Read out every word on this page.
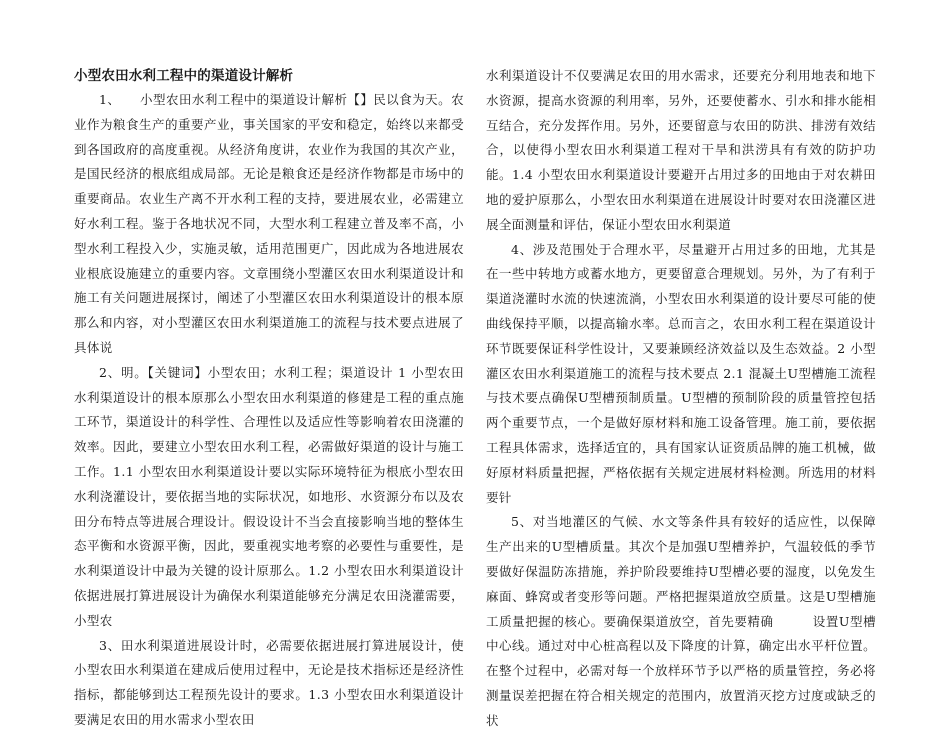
小型农田水利工程中的渠道设计解析

1、　　小型农田水利工程中的渠道设计解析【】民以食为天。农业作为粮食生产的重要产业，事关国家的平安和稳定，始终以来都受到各国政府的高度重视。从经济角度讲，农业作为我国的其次产业，是国民经济的根底组成局部。无论是粮食还是经济作物都是市场中的重要商品。农业生产离不开水利工程的支持，要进展农业，必需建立好水利工程。鉴于各地状况不同，大型水利工程建立普及率不高，小型水利工程投入少，实施灵敏，适用范围更广，因此成为各地进展农业根底设施建立的重要内容。文章围绕小型灌区农田水利渠道设计和施工有关问题进展探讨，阐述了小型灌区农田水利渠道设计的根本原那么和内容，对小型灌区农田水利渠道施工的流程与技术要点进展了具体说

2、明。【关键词】小型农田；水利工程；渠道设计 1 小型农田水利渠道设计的根本原那么小型农田水利渠道的修建是工程的重点施工环节，渠道设计的科学性、合理性以及适应性等影响着农田浇灌的效率。因此，要建立小型农田水利工程，必需做好渠道的设计与施工工作。1.1 小型农田水利渠道设计要以实际环境特征为根底小型农田水利浇灌设计，要依据当地的实际状况，如地形、水资源分布以及农田分布特点等进展合理设计。假设设计不当会直接影响当地的整体生态平衡和水资源平衡，因此，要重视实地考察的必要性与重要性，是水利渠道设计中最为关键的设计原那么。1.2 小型农田水利渠道设计依据进展打算进展设计为确保水利渠道能够充分满足农田浇灌需要，小型农

3、田水利渠道进展设计时，必需要依据进展打算进展设计，使小型农田水利渠道在建成后使用过程中，无论是技术指标还是经济性指标，都能够到达工程预先设计的要求。1.3 小型农田水利渠道设计要满足农田的用水需求小型农田

水利渠道设计不仅要满足农田的用水需求，还要充分利用地表和地下水资源，提高水资源的利用率，另外，还要使蓄水、引水和排水能相互结合，充分发挥作用。另外，还要留意与农田的防洪、排涝有效结合，以使得小型农田水利渠道工程对干旱和洪涝具有有效的防护功能。1.4 小型农田水利渠道设计要避开占用过多的田地由于对农耕田地的爱护原那么，小型农田水利渠道在进展设计时要对农田浇灌区进展全面测量和评估，保证小型农田水利渠道

4、涉及范围处于合理水平，尽量避开占用过多的田地，尤其是在一些中转地方或蓄水地方，更要留意合理规划。另外，为了有利于渠道浇灌时水流的快速流淌，小型农田水利渠道的设计要尽可能的使曲线保持平顺，以提高输水率。总而言之，农田水利工程在渠道设计环节既要保证科学性设计，又要兼顾经济效益以及生态效益。2 小型灌区农田水利渠道施工的流程与技术要点 2.1 混凝土U型槽施工流程与技术要点确保U型槽预制质量。U型槽的预制阶段的质量管控包括两个重要节点，一个是做好原材料和施工设备管理。施工前，要依据工程具体需求，选择适宜的，具有国家认证资质品牌的施工机械，做好原材料质量把握，严格依据有关规定进展材料检测。所选用的材料要针

5、对当地灌区的气候、水文等条件具有较好的适应性，以保障生产出来的U型槽质量。其次个是加强U型槽养护，气温较低的季节要做好保温防冻措施，养护阶段要维持U型槽必要的湿度，以免发生麻面、蜂窝或者变形等问题。严格把握渠道放空质量。这是U型槽施工质量把握的核心。要确保渠道放空，首先要精确　　　设置U型槽中心线。通过对中心桩高程以及下降度的计算，确定出水平杆位置。在整个过程中，必需对每一个放样环节予以严格的质量管控，务必将测量误差把握在符合相关规定的范围内，放置消灭挖方过度或缺乏的状
